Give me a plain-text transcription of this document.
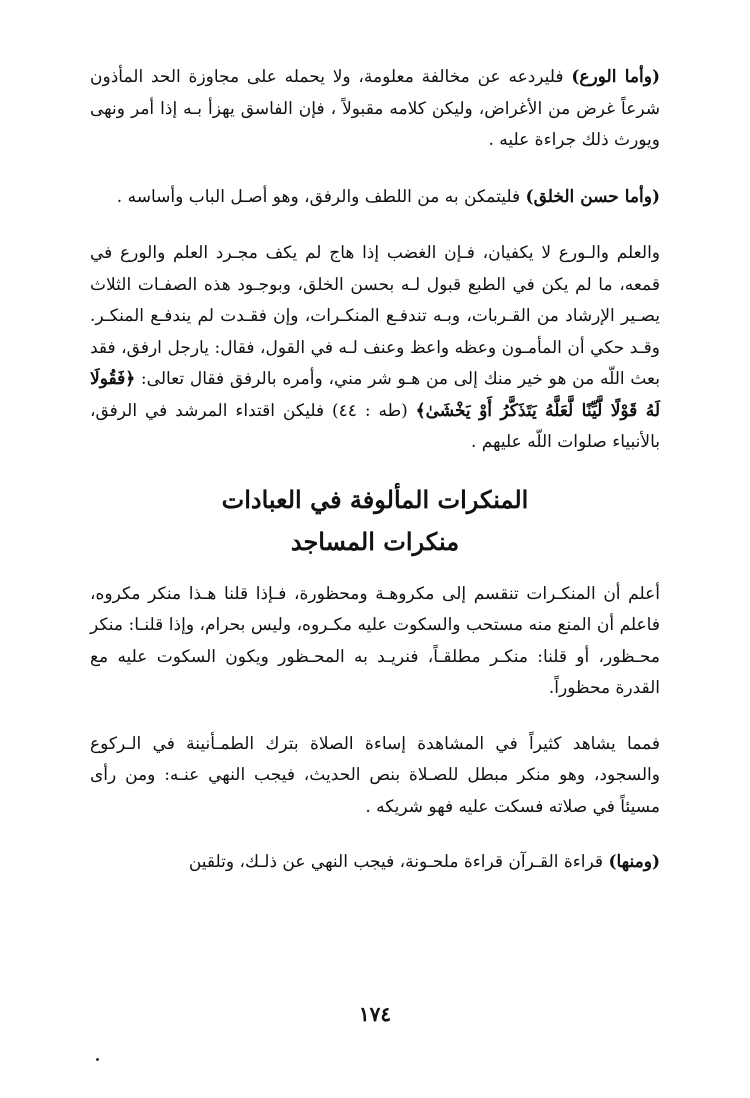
(وأما الورع) فليردعه عن مخالفة معلومة، ولا يحمله على مجاوزة الحد المأذون شرعاً غرض من الأغراض، وليكن كلامه مقبولاً ، فإن الفاسق يهزأ بـه إذا أمر ونهى ويورث ذلك جراءة عليه .

(وأما حسن الخلق) فليتمكن به من اللطف والرفق، وهو أصـل الباب وأساسه .

والعلم والـورع لا يكفيان، فـإن الغضب إذا هاج لم يكف مجـرد العلم والورع في قمعه، ما لم يكن في الطبع قبول لـه بحسن الخلق، وبوجـود هذه الصفـات الثلاث يصـير الإرشاد من القـربات، وبـه تندفـع المنكـرات، وإن فقـدت لم يندفـع المنكـر. وقـد حكي أن المأمـون وعظه واعظ وعنف لـه في القول، فقال: يارجل ارفق، فقد بعث اللّه من هو خير منك إلى من هـو شر مني، وأمره بالرفق فقال تعالى: ﴿فَقُولَا لَهُ قَوْلًا لَّيِّنًا لَّعَلَّهُ يَتَذَكَّرُ أَوْ يَخْشَىٰ﴾ (طه : ٤٤) فليكن اقتداء المرشد في الرفق، بالأنبياء صلوات اللّه عليهم .

المنكرات المألوفة في العبادات

منكرات المساجد

أعلم أن المنكـرات تنقسم إلى مكروهـة ومحظورة، فـإذا قلنا هـذا منكر مكروه، فاعلم أن المنع منه مستحب والسكوت عليه مكـروه، وليس بحرام، وإذا قلنـا: منكر محـظور، أو قلنا: منكـر مطلقـاً، فنريـد به المحـظور ويكون السكوت عليه مع القدرة محظوراً.

فمما يشاهد كثيراً في المشاهدة إساءة الصلاة بترك الطمـأنينة في الـركوع والسجود، وهو منكر مبطل للصـلاة بنص الحديث، فيجب النهي عنـه: ومن رأى مسيئاً في صلاته فسكت عليه فهو شريكه .

(ومنها) قراءة القـرآن قراءة ملحـونة، فيجب النهي عن ذلـك، وتلقين

١٧٤
